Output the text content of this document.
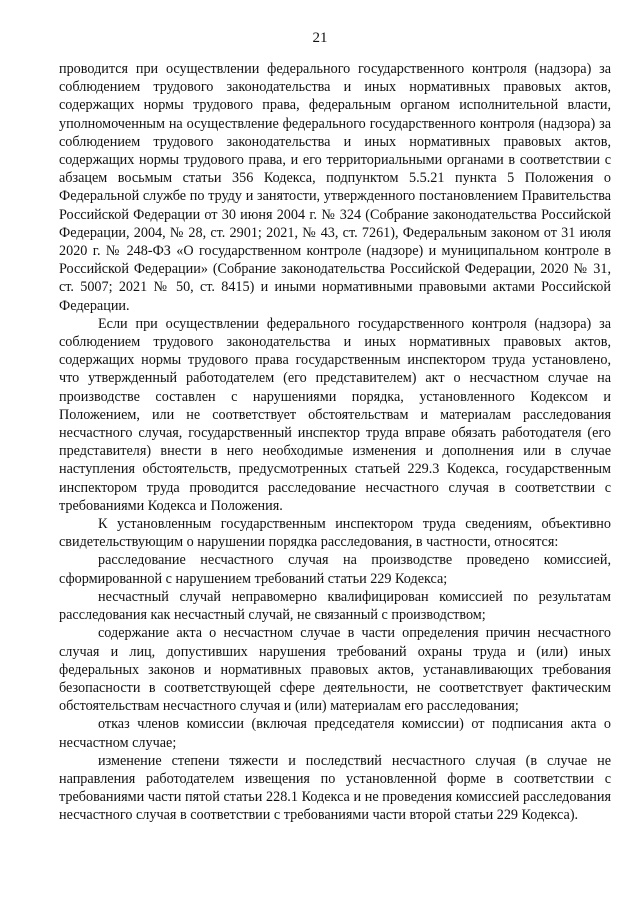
21

проводится при осуществлении федерального государственного контроля (надзора) за соблюдением трудового законодательства и иных нормативных правовых актов, содержащих нормы трудового права, федеральным органом исполнительной власти, уполномоченным на осуществление федерального государственного контроля (надзора) за соблюдением трудового законодательства и иных нормативных правовых актов, содержащих нормы трудового права, и его территориальными органами в соответствии с абзацем восьмым статьи 356 Кодекса, подпунктом 5.5.21 пункта 5 Положения о Федеральной службе по труду и занятости, утвержденного постановлением Правительства Российской Федерации от 30 июня 2004 г. № 324 (Собрание законодательства Российской Федерации, 2004, № 28, ст. 2901; 2021, № 43, ст. 7261), Федеральным законом от 31 июля 2020 г. № 248-ФЗ «О государственном контроле (надзоре) и муниципальном контроле в Российской Федерации» (Собрание законодательства Российской Федерации, 2020 № 31, ст. 5007; 2021 № 50, ст. 8415) и иными нормативными правовыми актами Российской Федерации.

Если при осуществлении федерального государственного контроля (надзора) за соблюдением трудового законодательства и иных нормативных правовых актов, содержащих нормы трудового права государственным инспектором труда установлено, что утвержденный работодателем (его представителем) акт о несчастном случае на производстве составлен с нарушениями порядка, установленного Кодексом и Положением, или не соответствует обстоятельствам и материалам расследования несчастного случая, государственный инспектор труда вправе обязать работодателя (его представителя) внести в него необходимые изменения и дополнения или в случае наступления обстоятельств, предусмотренных статьей 229.3 Кодекса, государственным инспектором труда проводится расследование несчастного случая в соответствии с требованиями Кодекса и Положения.

К установленным государственным инспектором труда сведениям, объективно свидетельствующим о нарушении порядка расследования, в частности, относятся:

расследование несчастного случая на производстве проведено комиссией, сформированной с нарушением требований статьи 229 Кодекса;

несчастный случай неправомерно квалифицирован комиссией по результатам расследования как несчастный случай, не связанный с производством;

содержание акта о несчастном случае в части определения причин несчастного случая и лиц, допустивших нарушения требований охраны труда и (или) иных федеральных законов и нормативных правовых актов, устанавливающих требования безопасности в соответствующей сфере деятельности, не соответствует фактическим обстоятельствам несчастного случая и (или) материалам его расследования;

отказ членов комиссии (включая председателя комиссии) от подписания акта о несчастном случае;

изменение степени тяжести и последствий несчастного случая (в случае не направления работодателем извещения по установленной форме в соответствии с требованиями части пятой статьи 228.1 Кодекса и не проведения комиссией расследования несчастного случая в соответствии с требованиями части второй статьи 229 Кодекса).
